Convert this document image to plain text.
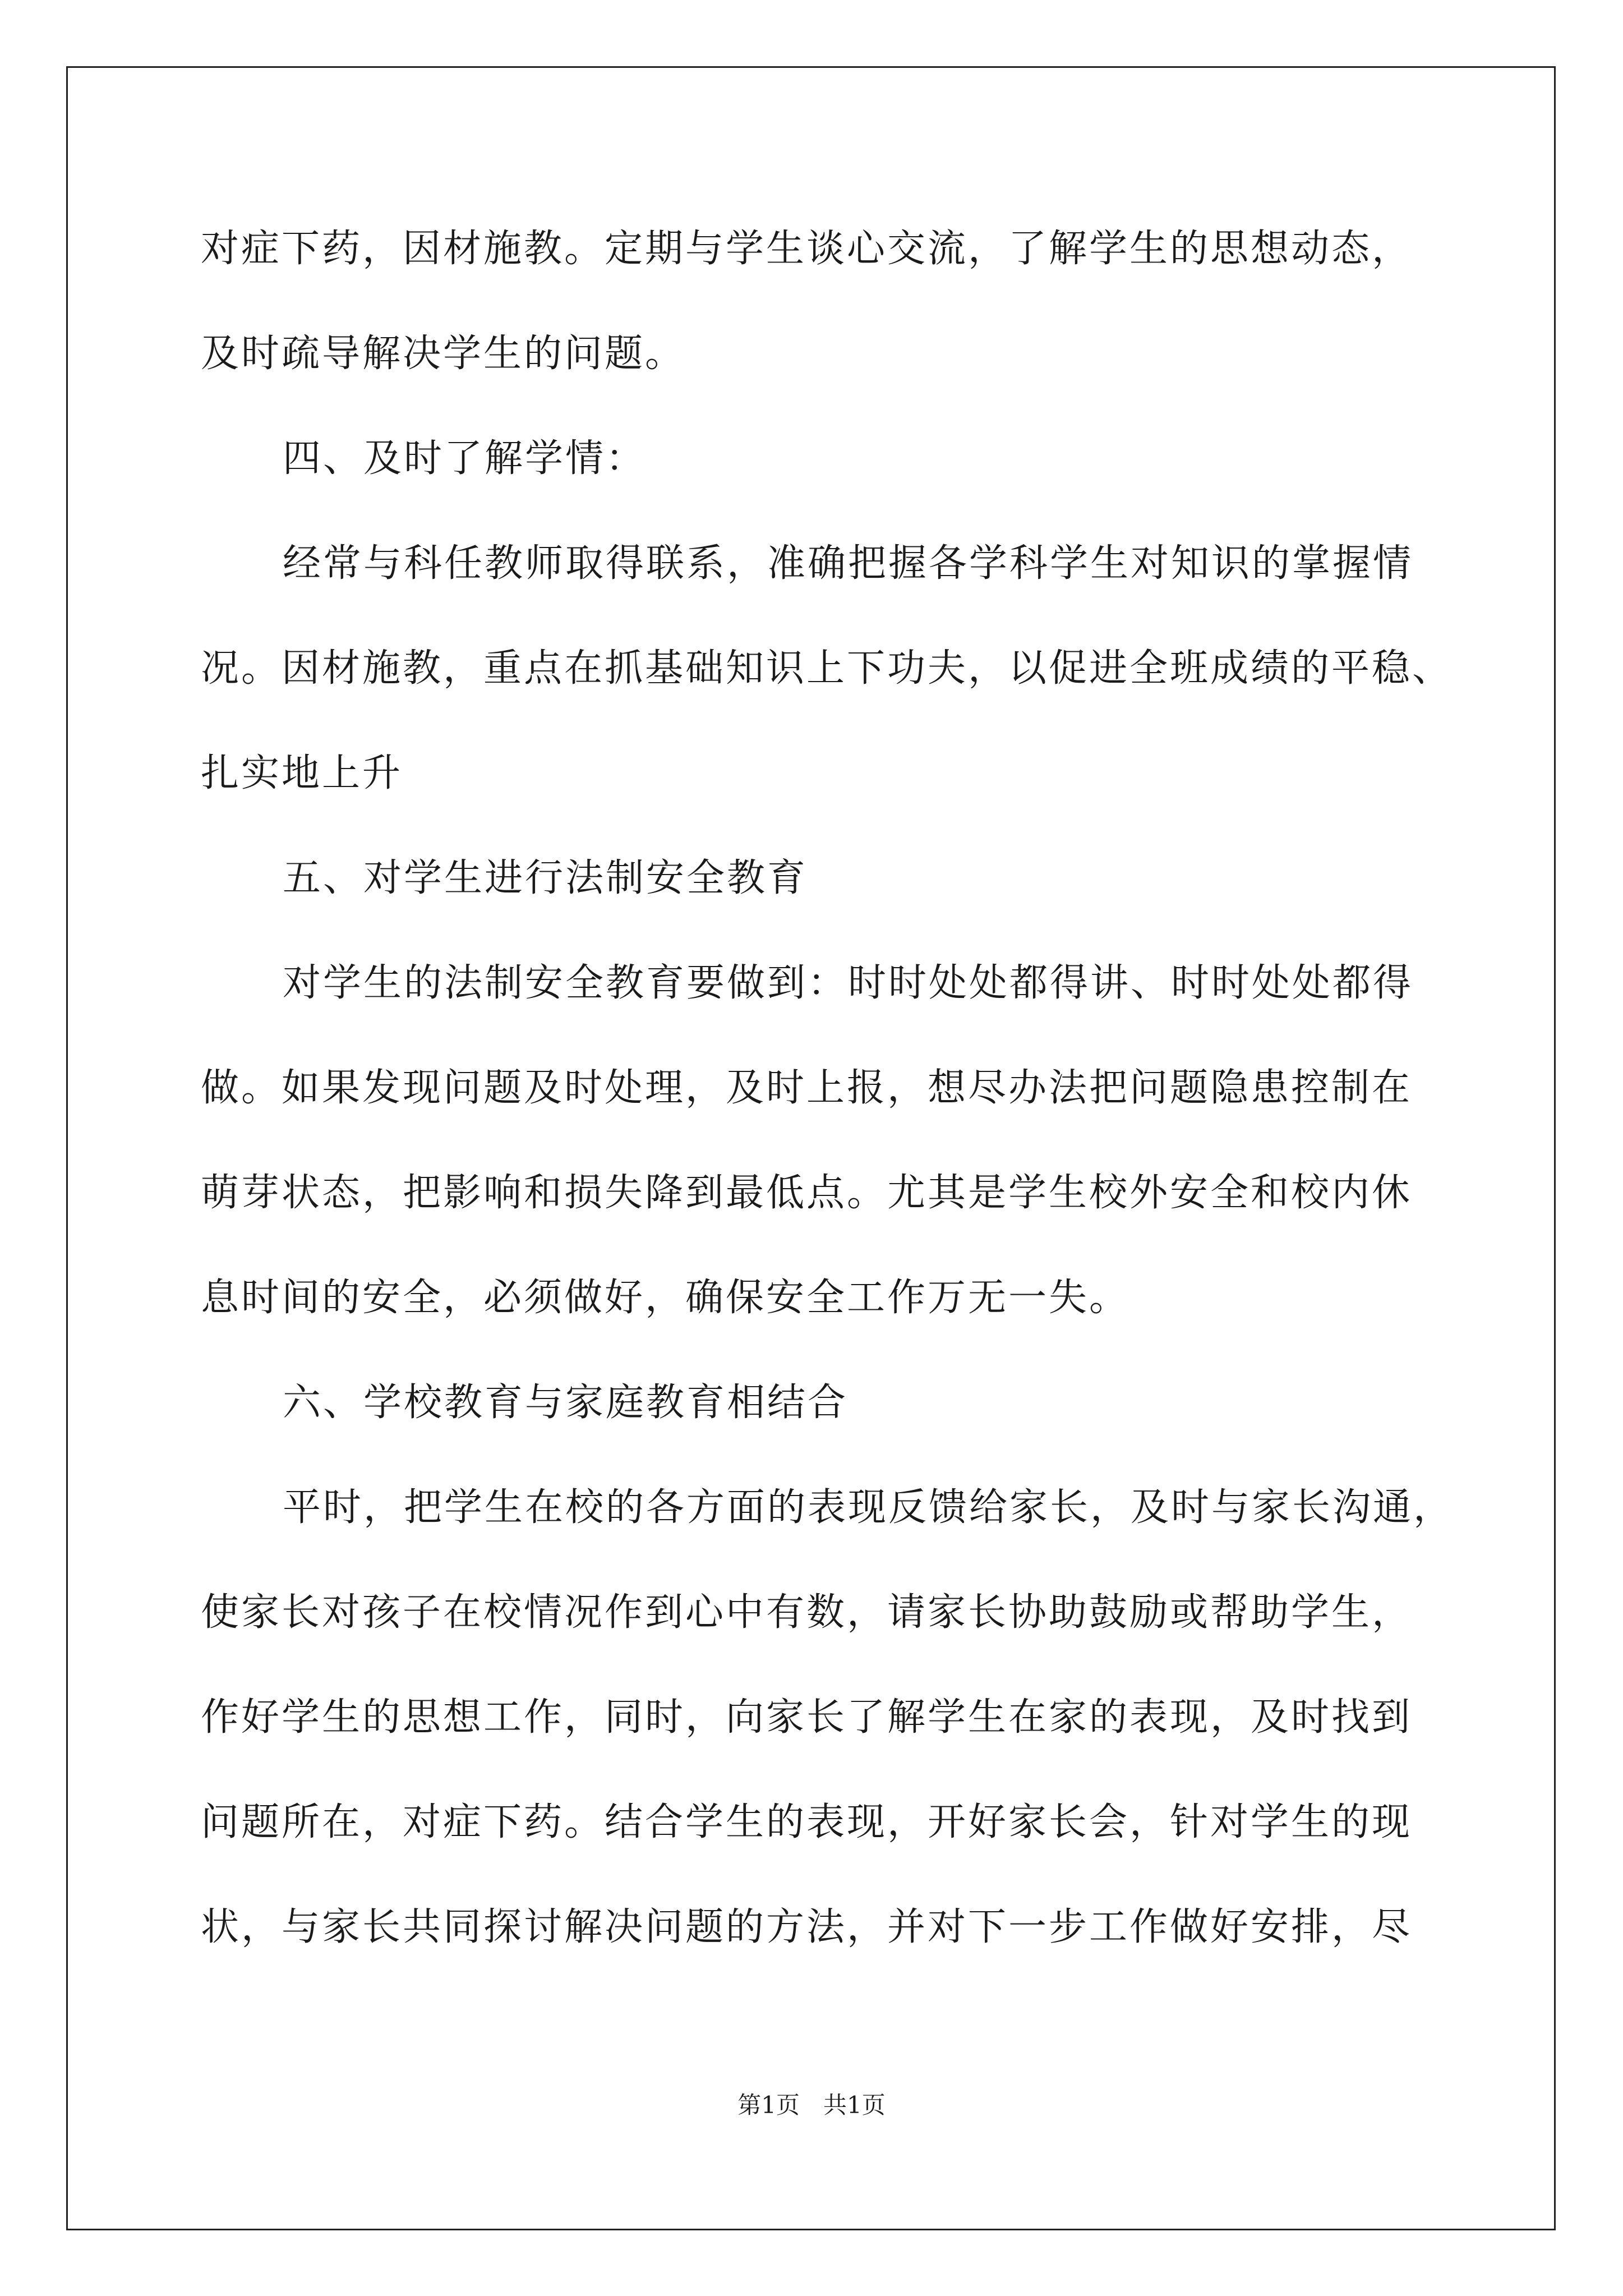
对症下药，因材施教。定期与学生谈心交流，了解学生的思想动态，
及时疏导解决学生的问题。
四、及时了解学情：
经常与科任教师取得联系，准确把握各学科学生对知识的掌握情
况。因材施教，重点在抓基础知识上下功夫，以促进全班成绩的平稳、
扎实地上升
五、对学生进行法制安全教育
对学生的法制安全教育要做到：时时处处都得讲、时时处处都得
做。如果发现问题及时处理，及时上报，想尽办法把问题隐患控制在
萌芽状态，把影响和损失降到最低点。尤其是学生校外安全和校内休
息时间的安全，必须做好，确保安全工作万无一失。
六、学校教育与家庭教育相结合
平时，把学生在校的各方面的表现反馈给家长，及时与家长沟通，
使家长对孩子在校情况作到心中有数，请家长协助鼓励或帮助学生，
作好学生的思想工作，同时，向家长了解学生在家的表现，及时找到
问题所在，对症下药。结合学生的表现，开好家长会，针对学生的现
状，与家长共同探讨解决问题的方法，并对下一步工作做好安排，尽
第1页　共1页
